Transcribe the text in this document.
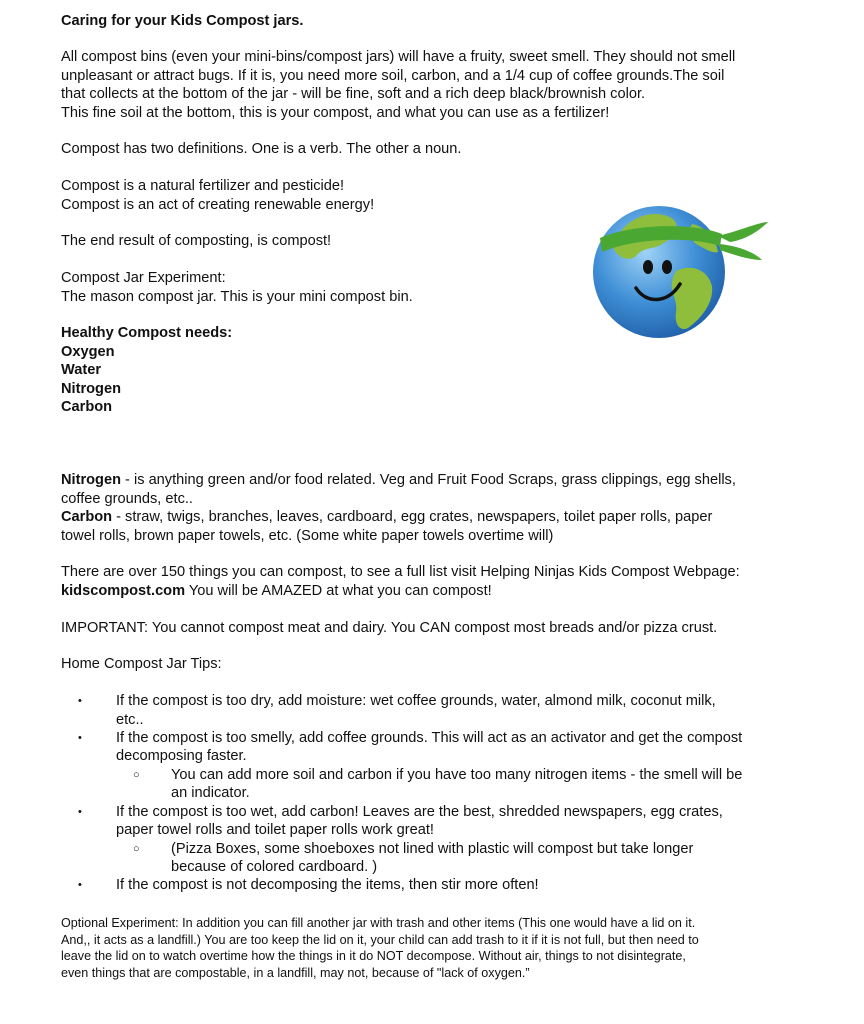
Caring for your Kids Compost jars.

All compost bins (even your mini-bins/compost jars) will have a fruity, sweet smell. They should not smell
unpleasant or attract bugs. If it is, you need more soil, carbon, and a 1/4 cup of coffee grounds.The soil
that collects at the bottom of the jar - will be fine, soft and a rich deep black/brownish color.
This fine soil at the bottom, this is your compost, and what you can use as a fertilizer!

Compost has two definitions. One is a verb. The other a noun.

Compost is a natural fertilizer and pesticide!
Compost is an act of creating renewable energy!

The end result of composting, is compost!

Compost Jar Experiment:
The mason compost jar. This is your mini compost bin.

Healthy Compost needs:
Oxygen
Water
Nitrogen
Carbon

Nitrogen - is anything green and/or food related. Veg and Fruit Food Scraps, grass clippings, egg shells,
coffee grounds, etc..
Carbon - straw, twigs, branches, leaves, cardboard, egg crates, newspapers, toilet paper rolls, paper
towel rolls, brown paper towels, etc. (Some white paper towels overtime will)

There are over 150 things you can compost, to see a full list visit Helping Ninjas Kids Compost Webpage:
kidscompost.com You will be AMAZED at what you can compost!

IMPORTANT: You cannot compost meat and dairy. You CAN compost most breads and/or pizza crust.

Home Compost Jar Tips:

• If the compost is too dry, add moisture: wet coffee grounds, water, almond milk, coconut milk,
etc..
• If the compost is too smelly, add coffee grounds. This will act as an activator and get the compost
decomposing faster.
○ You can add more soil and carbon if you have too many nitrogen items - the smell will be
an indicator.
• If the compost is too wet, add carbon! Leaves are the best, shredded newspapers, egg crates,
paper towel rolls and toilet paper rolls work great!
○ (Pizza Boxes, some shoeboxes not lined with plastic will compost but take longer
because of colored cardboard. )
• If the compost is not decomposing the items, then stir more often!
Optional Experiment: In addition you can fill another jar with trash and other items (This one would have a lid on it.
And,, it acts as a landfill.) You are too keep the lid on it, your child can add trash to it if it is not full, but then need to
leave the lid on to watch overtime how the things in it do NOT decompose. Without air, things to not disintegrate,
even things that are compostable, in a landfill, may not, because of "lack of oxygen.”
